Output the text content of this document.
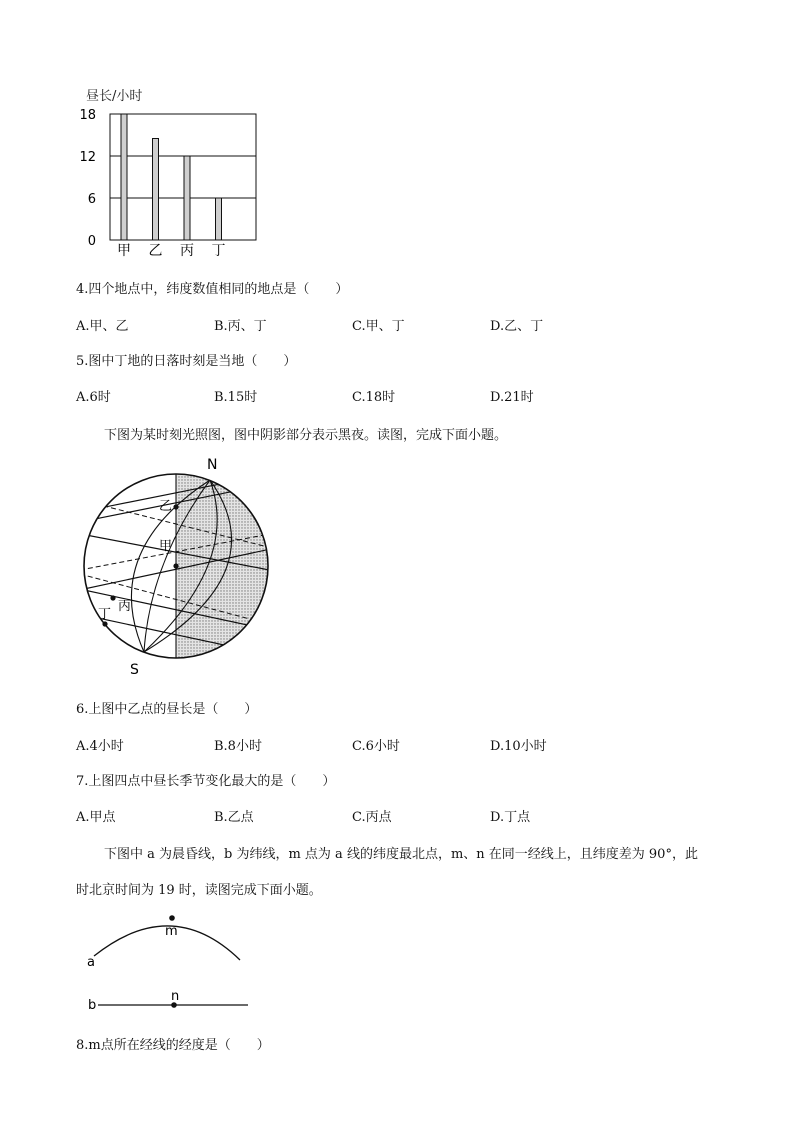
昼长/小时
18
12
6
0
甲 乙 丙 丁
4.四个地点中，纬度数值相同的地点是（　　）
A.甲、乙	B.丙、丁	C.甲、丁	D.乙、丁
5.图中丁地的日落时刻是当地（　　）
A.6时	B.15时	C.18时	D.21时
下图为某时刻光照图，图中阴影部分表示黑夜。读图，完成下面小题。
N
S
乙
甲
丙
丁
6.上图中乙点的昼长是（　　）
A.4小时	B.8小时	C.6小时	D.10小时
7.上图四点中昼长季节变化最大的是（　　）
A.甲点	B.乙点	C.丙点	D.丁点
下图中 a 为晨昏线，b 为纬线，m 点为 a 线的纬度最北点，m、n 在同一经线上，且纬度差为 90°，此
时北京时间为 19 时，读图完成下面小题。
a
b
m
n
8.m点所在经线的经度是（　　）
